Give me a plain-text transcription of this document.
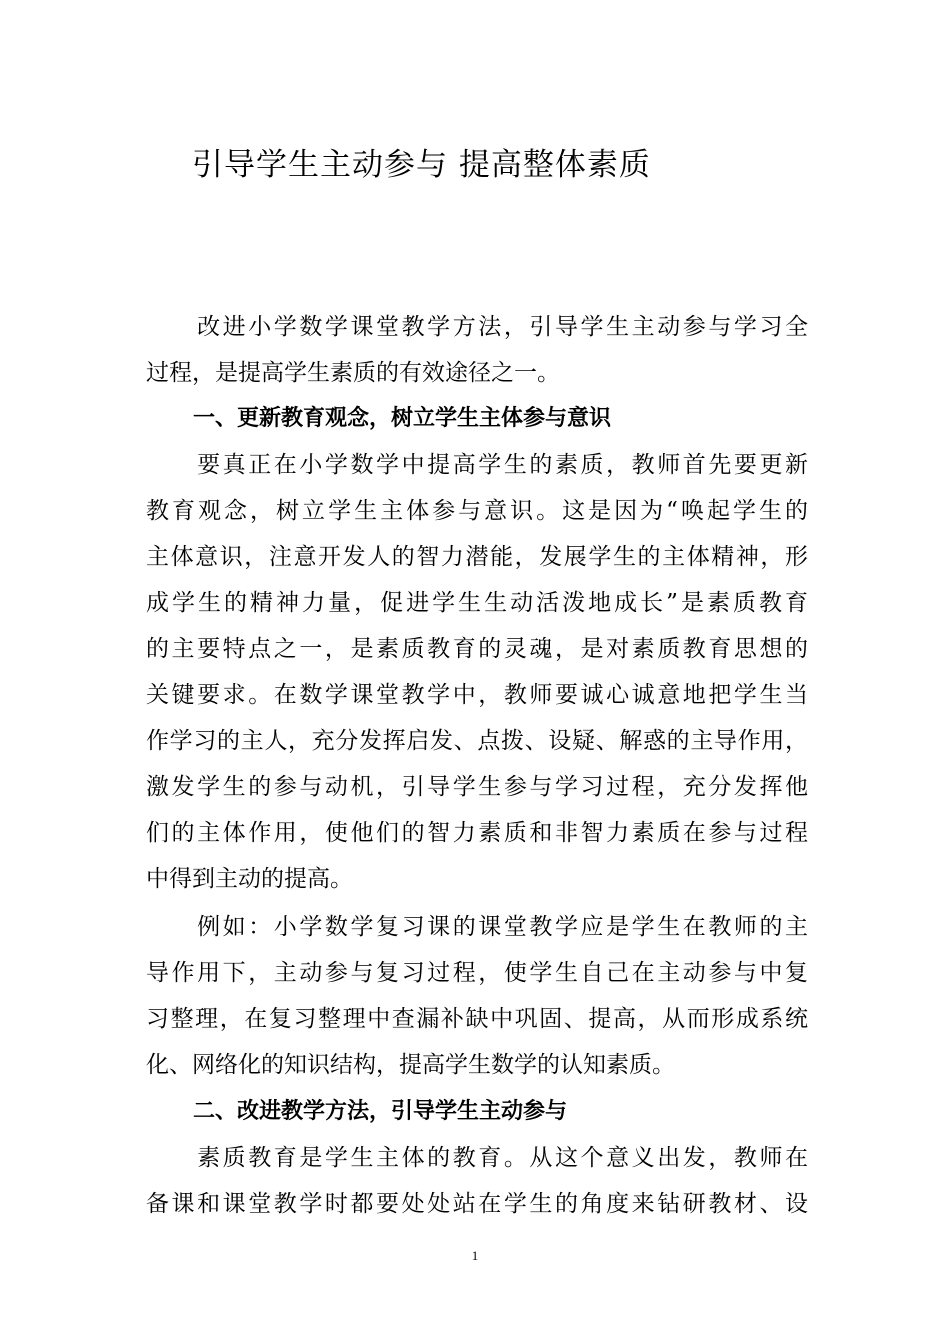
引导学生主动参与 提高整体素质
　　改进小学数学课堂教学方法，引导学生主动参与学习全
过程，是提高学生素质的有效途径之一。
一、更新教育观念，树立学生主体参与意识
　　要真正在小学数学中提高学生的素质，教师首先要更新
教育观念，树立学生主体参与意识。这是因为“唤起学生的
主体意识，注意开发人的智力潜能，发展学生的主体精神，形
成学生的精神力量，促进学生生动活泼地成长”是素质教育
的主要特点之一，是素质教育的灵魂，是对素质教育思想的
关键要求。在数学课堂教学中，教师要诚心诚意地把学生当
作学习的主人，充分发挥启发、点拨、设疑、解惑的主导作用，
激发学生的参与动机，引导学生参与学习过程，充分发挥他
们的主体作用，使他们的智力素质和非智力素质在参与过程
中得到主动的提高。
　　例如：小学数学复习课的课堂教学应是学生在教师的主
导作用下，主动参与复习过程，使学生自己在主动参与中复
习整理，在复习整理中查漏补缺中巩固、提高，从而形成系统
化、网络化的知识结构，提高学生数学的认知素质。
二、改进教学方法，引导学生主动参与
　　素质教育是学生主体的教育。从这个意义出发，教师在
备课和课堂教学时都要处处站在学生的角度来钻研教材、设
1
